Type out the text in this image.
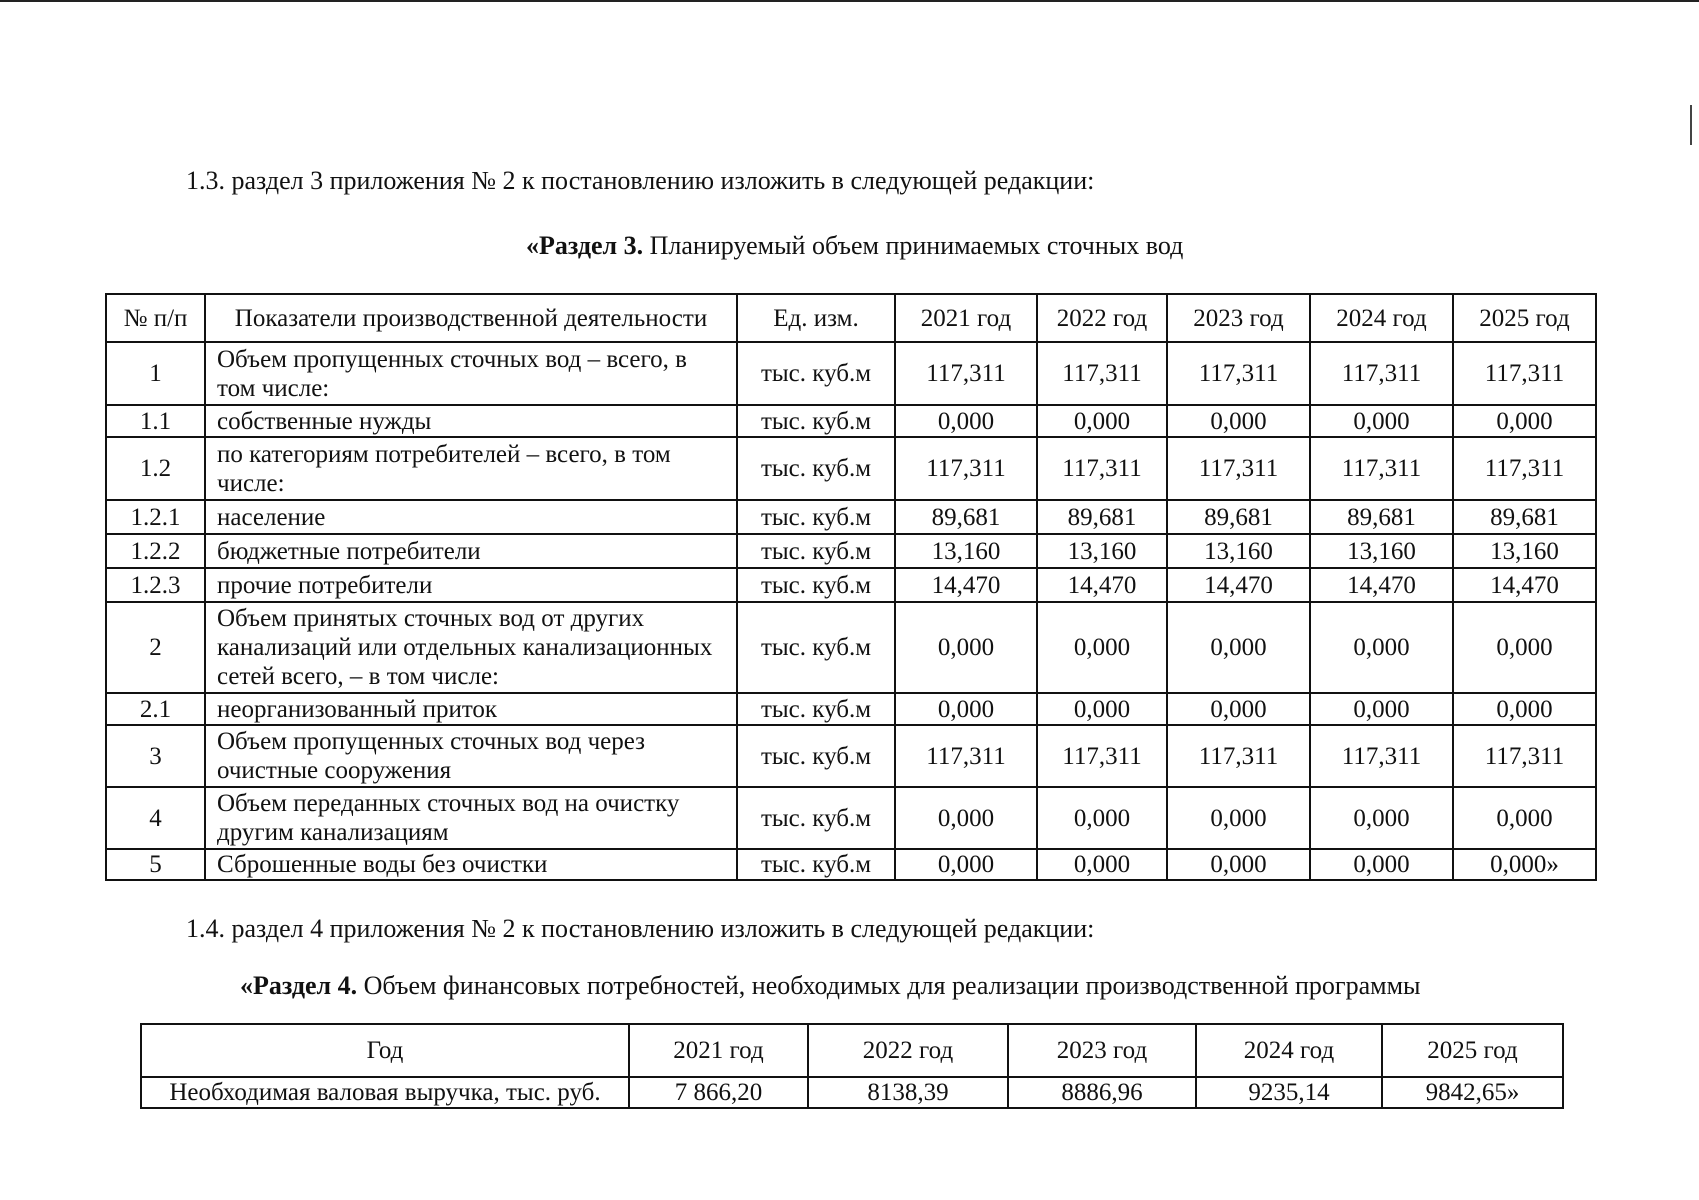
1.3. раздел 3 приложения № 2 к постановлению изложить в следующей редакции:
«Раздел 3. Планируемый объем принимаемых сточных вод
№ п/п	Показатели производственной деятельности	Ед. изм.	2021 год	2022 год	2023 год	2024 год	2025 год
1	Объем пропущенных сточных вод – всего, в том числе:	тыс. куб.м	117,311	117,311	117,311	117,311	117,311
1.1	собственные нужды	тыс. куб.м	0,000	0,000	0,000	0,000	0,000
1.2	по категориям потребителей – всего, в том числе:	тыс. куб.м	117,311	117,311	117,311	117,311	117,311
1.2.1	население	тыс. куб.м	89,681	89,681	89,681	89,681	89,681
1.2.2	бюджетные потребители	тыс. куб.м	13,160	13,160	13,160	13,160	13,160
1.2.3	прочие потребители	тыс. куб.м	14,470	14,470	14,470	14,470	14,470
2	Объем принятых сточных вод от других канализаций или отдельных канализационных сетей всего, – в том числе:	тыс. куб.м	0,000	0,000	0,000	0,000	0,000
2.1	неорганизованный приток	тыс. куб.м	0,000	0,000	0,000	0,000	0,000
3	Объем пропущенных сточных вод через очистные сооружения	тыс. куб.м	117,311	117,311	117,311	117,311	117,311
4	Объем переданных сточных вод на очистку другим канализациям	тыс. куб.м	0,000	0,000	0,000	0,000	0,000
5	Сброшенные воды без очистки	тыс. куб.м	0,000	0,000	0,000	0,000	0,000»
1.4. раздел 4 приложения № 2 к постановлению изложить в следующей редакции:
«Раздел 4. Объем финансовых потребностей, необходимых для реализации производственной программы
Год	2021 год	2022 год	2023 год	2024 год	2025 год
Необходимая валовая выручка, тыс. руб.	7 866,20	8138,39	8886,96	9235,14	9842,65»
